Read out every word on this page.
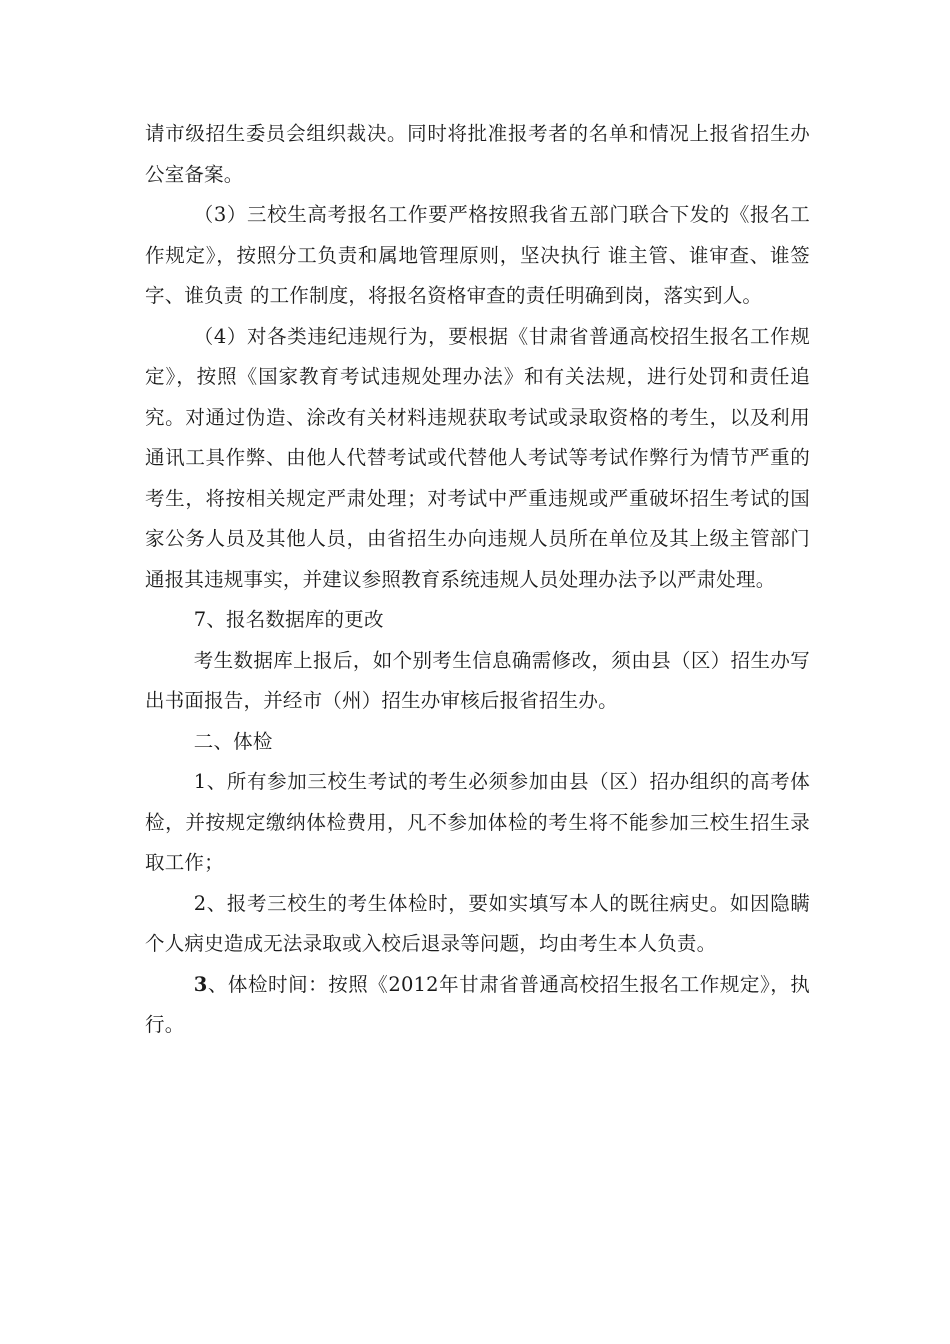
请市级招生委员会组织裁决。同时将批准报考者的名单和情况上报省招生办公室备案。

（3）三校生高考报名工作要严格按照我省五部门联合下发的《报名工作规定》，按照分工负责和属地管理原则，坚决执行 谁主管、谁审查、谁签字、谁负责 的工作制度，将报名资格审查的责任明确到岗，落实到人。

（4）对各类违纪违规行为，要根据《甘肃省普通高校招生报名工作规定》，按照《国家教育考试违规处理办法》和有关法规，进行处罚和责任追究。对通过伪造、涂改有关材料违规获取考试或录取资格的考生，以及利用通讯工具作弊、由他人代替考试或代替他人考试等考试作弊行为情节严重的考生，将按相关规定严肃处理；对考试中严重违规或严重破坏招生考试的国家公务人员及其他人员，由省招生办向违规人员所在单位及其上级主管部门通报其违规事实，并建议参照教育系统违规人员处理办法予以严肃处理。

7、报名数据库的更改

考生数据库上报后，如个别考生信息确需修改，须由县（区）招生办写出书面报告，并经市（州）招生办审核后报省招生办。

二、体检

1、所有参加三校生考试的考生必须参加由县（区）招办组织的高考体检，并按规定缴纳体检费用，凡不参加体检的考生将不能参加三校生招生录取工作；

2、报考三校生的考生体检时，要如实填写本人的既往病史。如因隐瞒个人病史造成无法录取或入校后退录等问题，均由考生本人负责。

3、体检时间：按照《2012年甘肃省普通高校招生报名工作规定》，执行。
